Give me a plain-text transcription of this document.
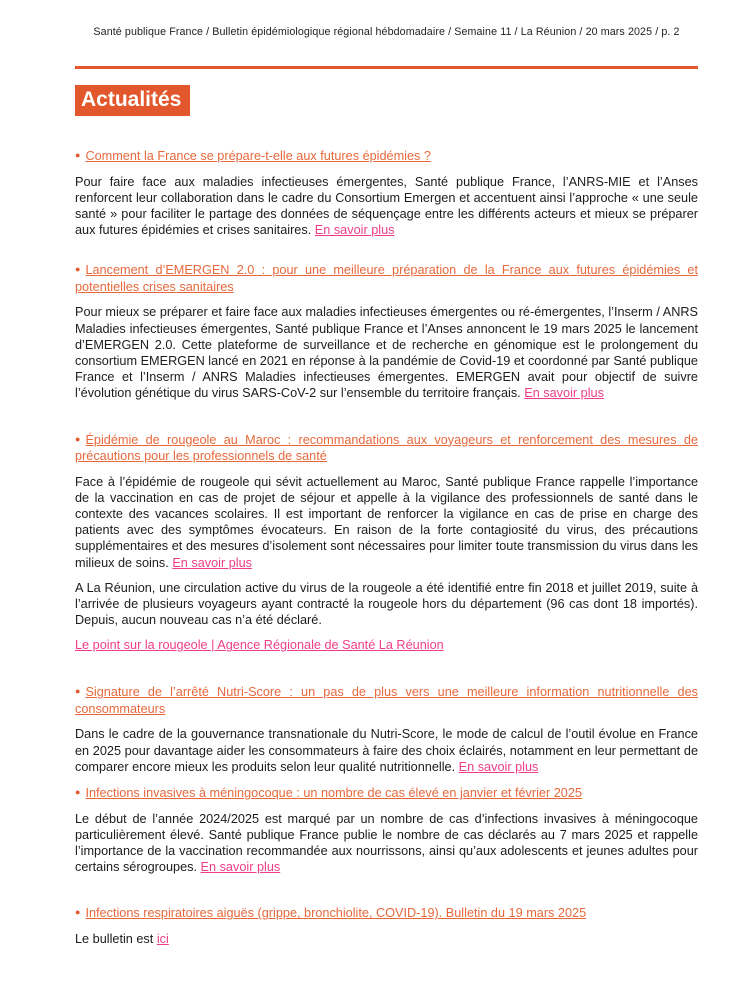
Santé publique France / Bulletin épidémiologique régional hébdomadaire / Semaine 11 / La Réunion / 20 mars 2025 / p. 2

Actualités

● Comment la France se prépare-t-elle aux futures épidémies ?

Pour faire face aux maladies infectieuses émergentes, Santé publique France, l’ANRS-MIE et l’Anses renforcent leur collaboration dans le cadre du Consortium Emergen et accentuent ainsi l’approche « une seule santé » pour faciliter le partage des données de séquençage entre les différents acteurs et mieux se préparer aux futures épidémies et crises sanitaires. En savoir plus

● Lancement d’EMERGEN 2.0 : pour une meilleure préparation de la France aux futures épidémies et potentielles crises sanitaires

Pour mieux se préparer et faire face aux maladies infectieuses émergentes ou ré-émergentes, l’Inserm / ANRS Maladies infectieuses émergentes, Santé publique France et l’Anses annoncent le 19 mars 2025 le lancement d’EMERGEN 2.0. Cette plateforme de surveillance et de recherche en génomique est le prolongement du consortium EMERGEN lancé en 2021 en réponse à la pandémie de Covid-19 et coordonné par Santé publique France et l’Inserm / ANRS Maladies infectieuses émergentes. EMERGEN avait pour objectif de suivre l’évolution génétique du virus SARS-CoV-2 sur l’ensemble du territoire français. En savoir plus

● Épidémie de rougeole au Maroc : recommandations aux voyageurs et renforcement des mesures de précautions pour les professionnels de santé

Face à l’épidémie de rougeole qui sévit actuellement au Maroc, Santé publique France rappelle l’importance de la vaccination en cas de projet de séjour et appelle à la vigilance des professionnels de santé dans le contexte des vacances scolaires. Il est important de renforcer la vigilance en cas de prise en charge des patients avec des symptômes évocateurs. En raison de la forte contagiosité du virus, des précautions supplémentaires et des mesures d’isolement sont nécessaires pour limiter toute transmission du virus dans les milieux de soins. En savoir plus

A La Réunion, une circulation active du virus de la rougeole a été identifié entre fin 2018 et juillet 2019, suite à l’arrivée de plusieurs voyageurs ayant contracté la rougeole hors du département (96 cas dont 18 importés). Depuis, aucun nouveau cas n’a été déclaré.

Le point sur la rougeole | Agence Régionale de Santé La Réunion

● Signature de l’arrêté Nutri-Score : un pas de plus vers une meilleure information nutritionnelle des consommateurs

Dans le cadre de la gouvernance transnationale du Nutri-Score, le mode de calcul de l’outil évolue en France en 2025 pour davantage aider les consommateurs à faire des choix éclairés, notamment en leur permettant de comparer encore mieux les produits selon leur qualité nutritionnelle. En savoir plus

● Infections invasives à méningocoque : un nombre de cas élevé en janvier et février 2025

Le début de l’année 2024/2025 est marqué par un nombre de cas d’infections invasives à méningocoque particulièrement élevé. Santé publique France publie le nombre de cas déclarés au 7 mars 2025 et rappelle l’importance de la vaccination recommandée aux nourrissons, ainsi qu’aux adolescents et jeunes adultes pour certains sérogroupes. En savoir plus

● Infections respiratoires aiguës (grippe, bronchiolite, COVID-19). Bulletin du 19 mars 2025

Le bulletin est ici
